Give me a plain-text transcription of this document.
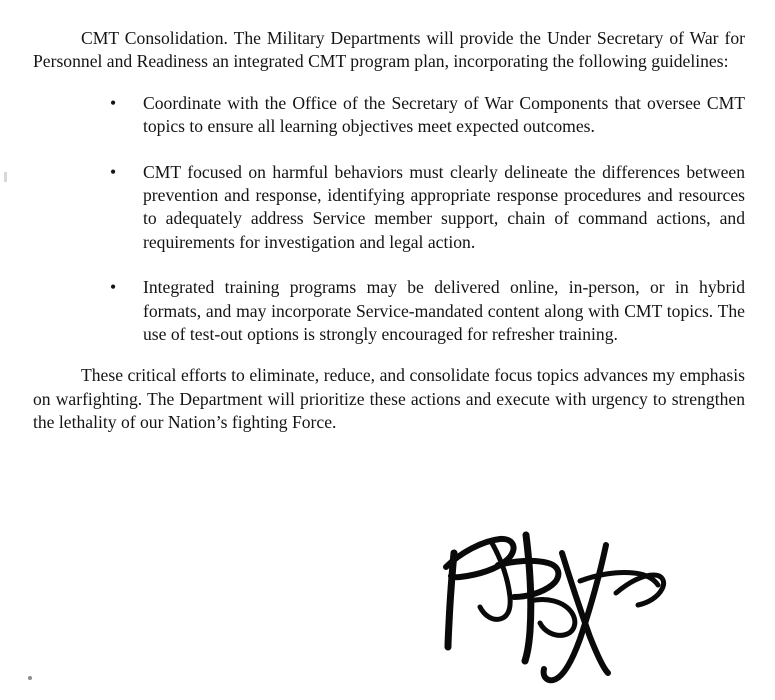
CMT Consolidation. The Military Departments will provide the Under Secretary of War for Personnel and Readiness an integrated CMT program plan, incorporating the following guidelines:

• Coordinate with the Office of the Secretary of War Components that oversee CMT topics to ensure all learning objectives meet expected outcomes.
• CMT focused on harmful behaviors must clearly delineate the differences between prevention and response, identifying appropriate response procedures and resources to adequately address Service member support, chain of command actions, and requirements for investigation and legal action.
• Integrated training programs may be delivered online, in-person, or in hybrid formats, and may incorporate Service-mandated content along with CMT topics. The use of test-out options is strongly encouraged for refresher training.

These critical efforts to eliminate, reduce, and consolidate focus topics advances my emphasis on warfighting. The Department will prioritize these actions and execute with urgency to strengthen the lethality of our Nation’s fighting Force.
